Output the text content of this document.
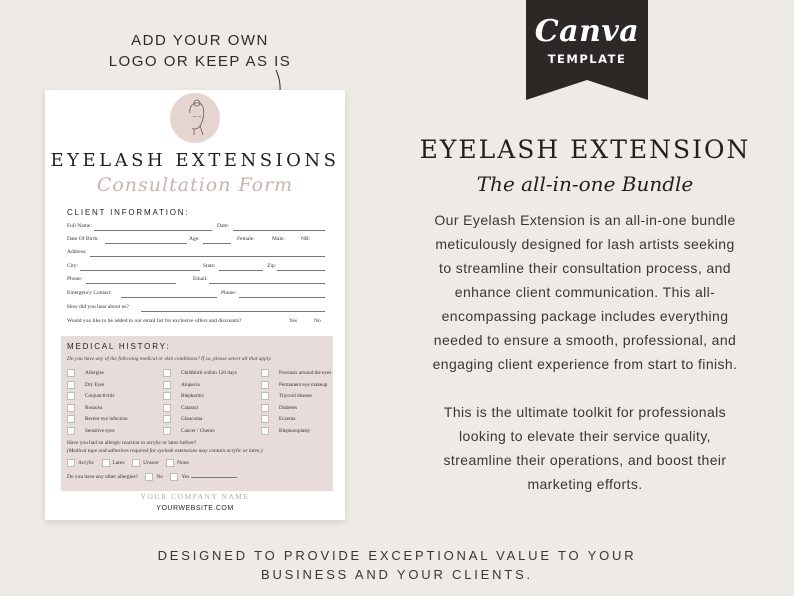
ADD YOUR OWN
LOGO OR KEEP AS IS
Canva
TEMPLATE
EYELASH EXTENSIONS
Consultation Form
CLIENT INFORMATION:
Full Name:	Date:
Date Of Birth:	Age:	Female:	Male:	NB:
Address:
City:	State:	Zip:
Phone:	Email:
Emergency Contact:	Phone:
How did you hear about us?
Would you like to be added to our email list for exclusive offers and discounts?	Yes	No
MEDICAL HISTORY:
Do you have any of the following medical or skin conditions? If so, please select all that apply.
Allergies	Childbirth within 120 days	Psoriasis around the eyes
Dry Eyes	Alopecia	Permanent eye makeup
Conjunctivitis	Blepharitis	Thyroid disease
Rosacea	Cataract	Diabetes
Recent eye infection	Glaucoma	Eczema
Sensitive eyes	Cancer / Chemo	Blepharoplasty
Have you had an allergic reaction to acrylic or latex before?
(Medical tape and adhesives required for eyelash extensions may contain acrylic or latex.)
Acrylic	Latex	Unsure	None
Do you have any other allergies?	No	Yes
YOUR COMPANY NAME
YOURWEBSITE.COM
EYELASH EXTENSION
The all-in-one Bundle
Our Eyelash Extension is an all-in-one bundle
meticulously designed for lash artists seeking
to streamline their consultation process, and
enhance client communication. This all-
encompassing package includes everything
needed to ensure a smooth, professional, and
engaging client experience from start to finish.
This is the ultimate toolkit for professionals
looking to elevate their service quality,
streamline their operations, and boost their
marketing efforts.
DESIGNED TO PROVIDE EXCEPTIONAL VALUE TO YOUR
BUSINESS AND YOUR CLIENTS.
